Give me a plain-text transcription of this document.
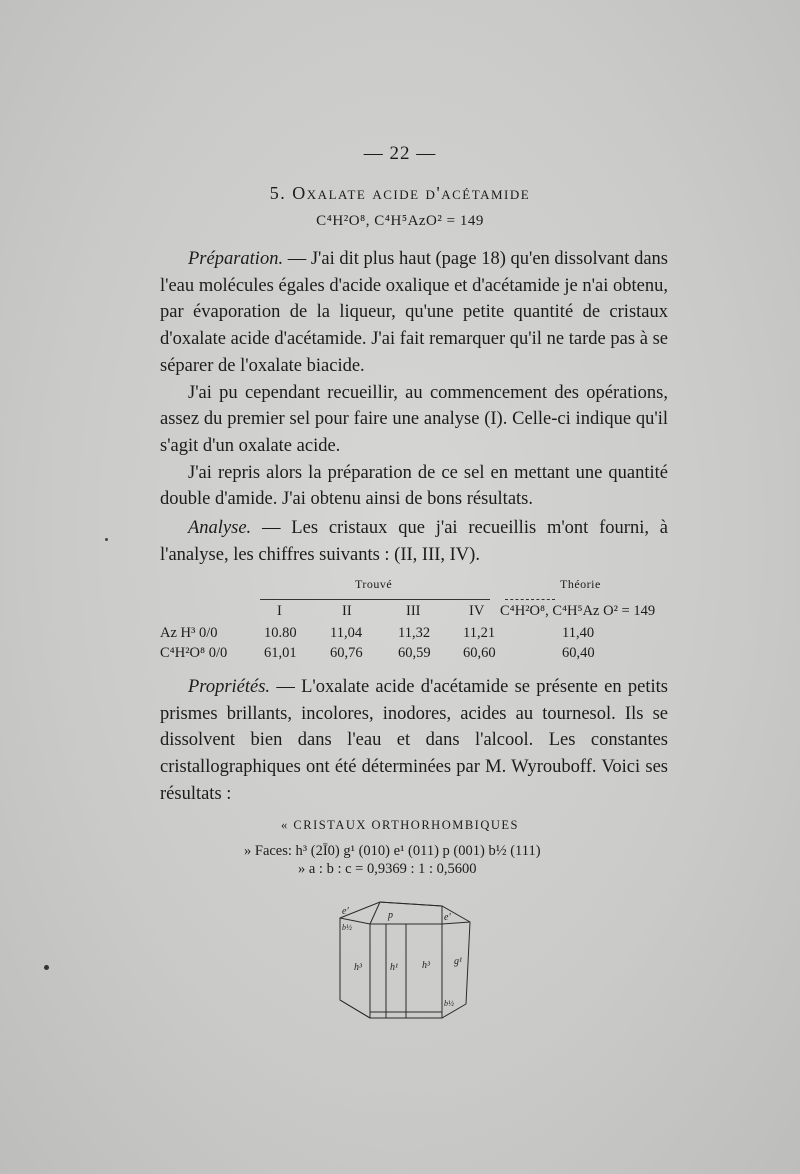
— 22 —
5. Oxalate acide d'acétamide
C⁴H²O⁸, C⁴H⁵AzO² = 149

Préparation. — J'ai dit plus haut (page 18) qu'en dissolvant dans l'eau molécules égales d'acide oxalique et d'acétamide je n'ai obtenu, par évaporation de la liqueur, qu'une petite quantité de cristaux d'oxalate acide d'acétamide. J'ai fait remarquer qu'il ne tarde pas à se séparer de l'oxalate biacide.

J'ai pu cependant recueillir, au commencement des opérations, assez du premier sel pour faire une analyse (I). Celle-ci indique qu'il s'agit d'un oxalate acide.

J'ai repris alors la préparation de ce sel en mettant une quantité double d'amide. J'ai obtenu ainsi de bons résultats.

Analyse. — Les cristaux que j'ai recueillis m'ont fourni, à l'analyse, les chiffres suivants : (II, III, IV).

Trouvé	Théorie
I	II	III	IV C⁴H²O⁸, C⁴H⁵Az O² = 149
Az H³ 0/0	10.80 11,04 11,32 11,21	11,40
C⁴H²O⁸ 0/0	61,01 60,76 60,59 60,60	60,40

Propriétés. — L'oxalate acide d'acétamide se présente en petits prismes brillants, incolores, inodores, acides au tournesol. Ils se dissolvent bien dans l'eau et dans l'alcool. Les constantes cristallographiques ont été déterminées par M. Wyrouboff. Voici ses résultats :

« CRISTAUX ORTHORHOMBIQUES
» Faces: h³ (2Ī0) g¹ (010) e¹ (011) p (001) b½ (111)
» a : b : c = 0,9369 : 1 : 0,5600
e'	p	e'
b½
h³	h¹ h³ g¹
b½
